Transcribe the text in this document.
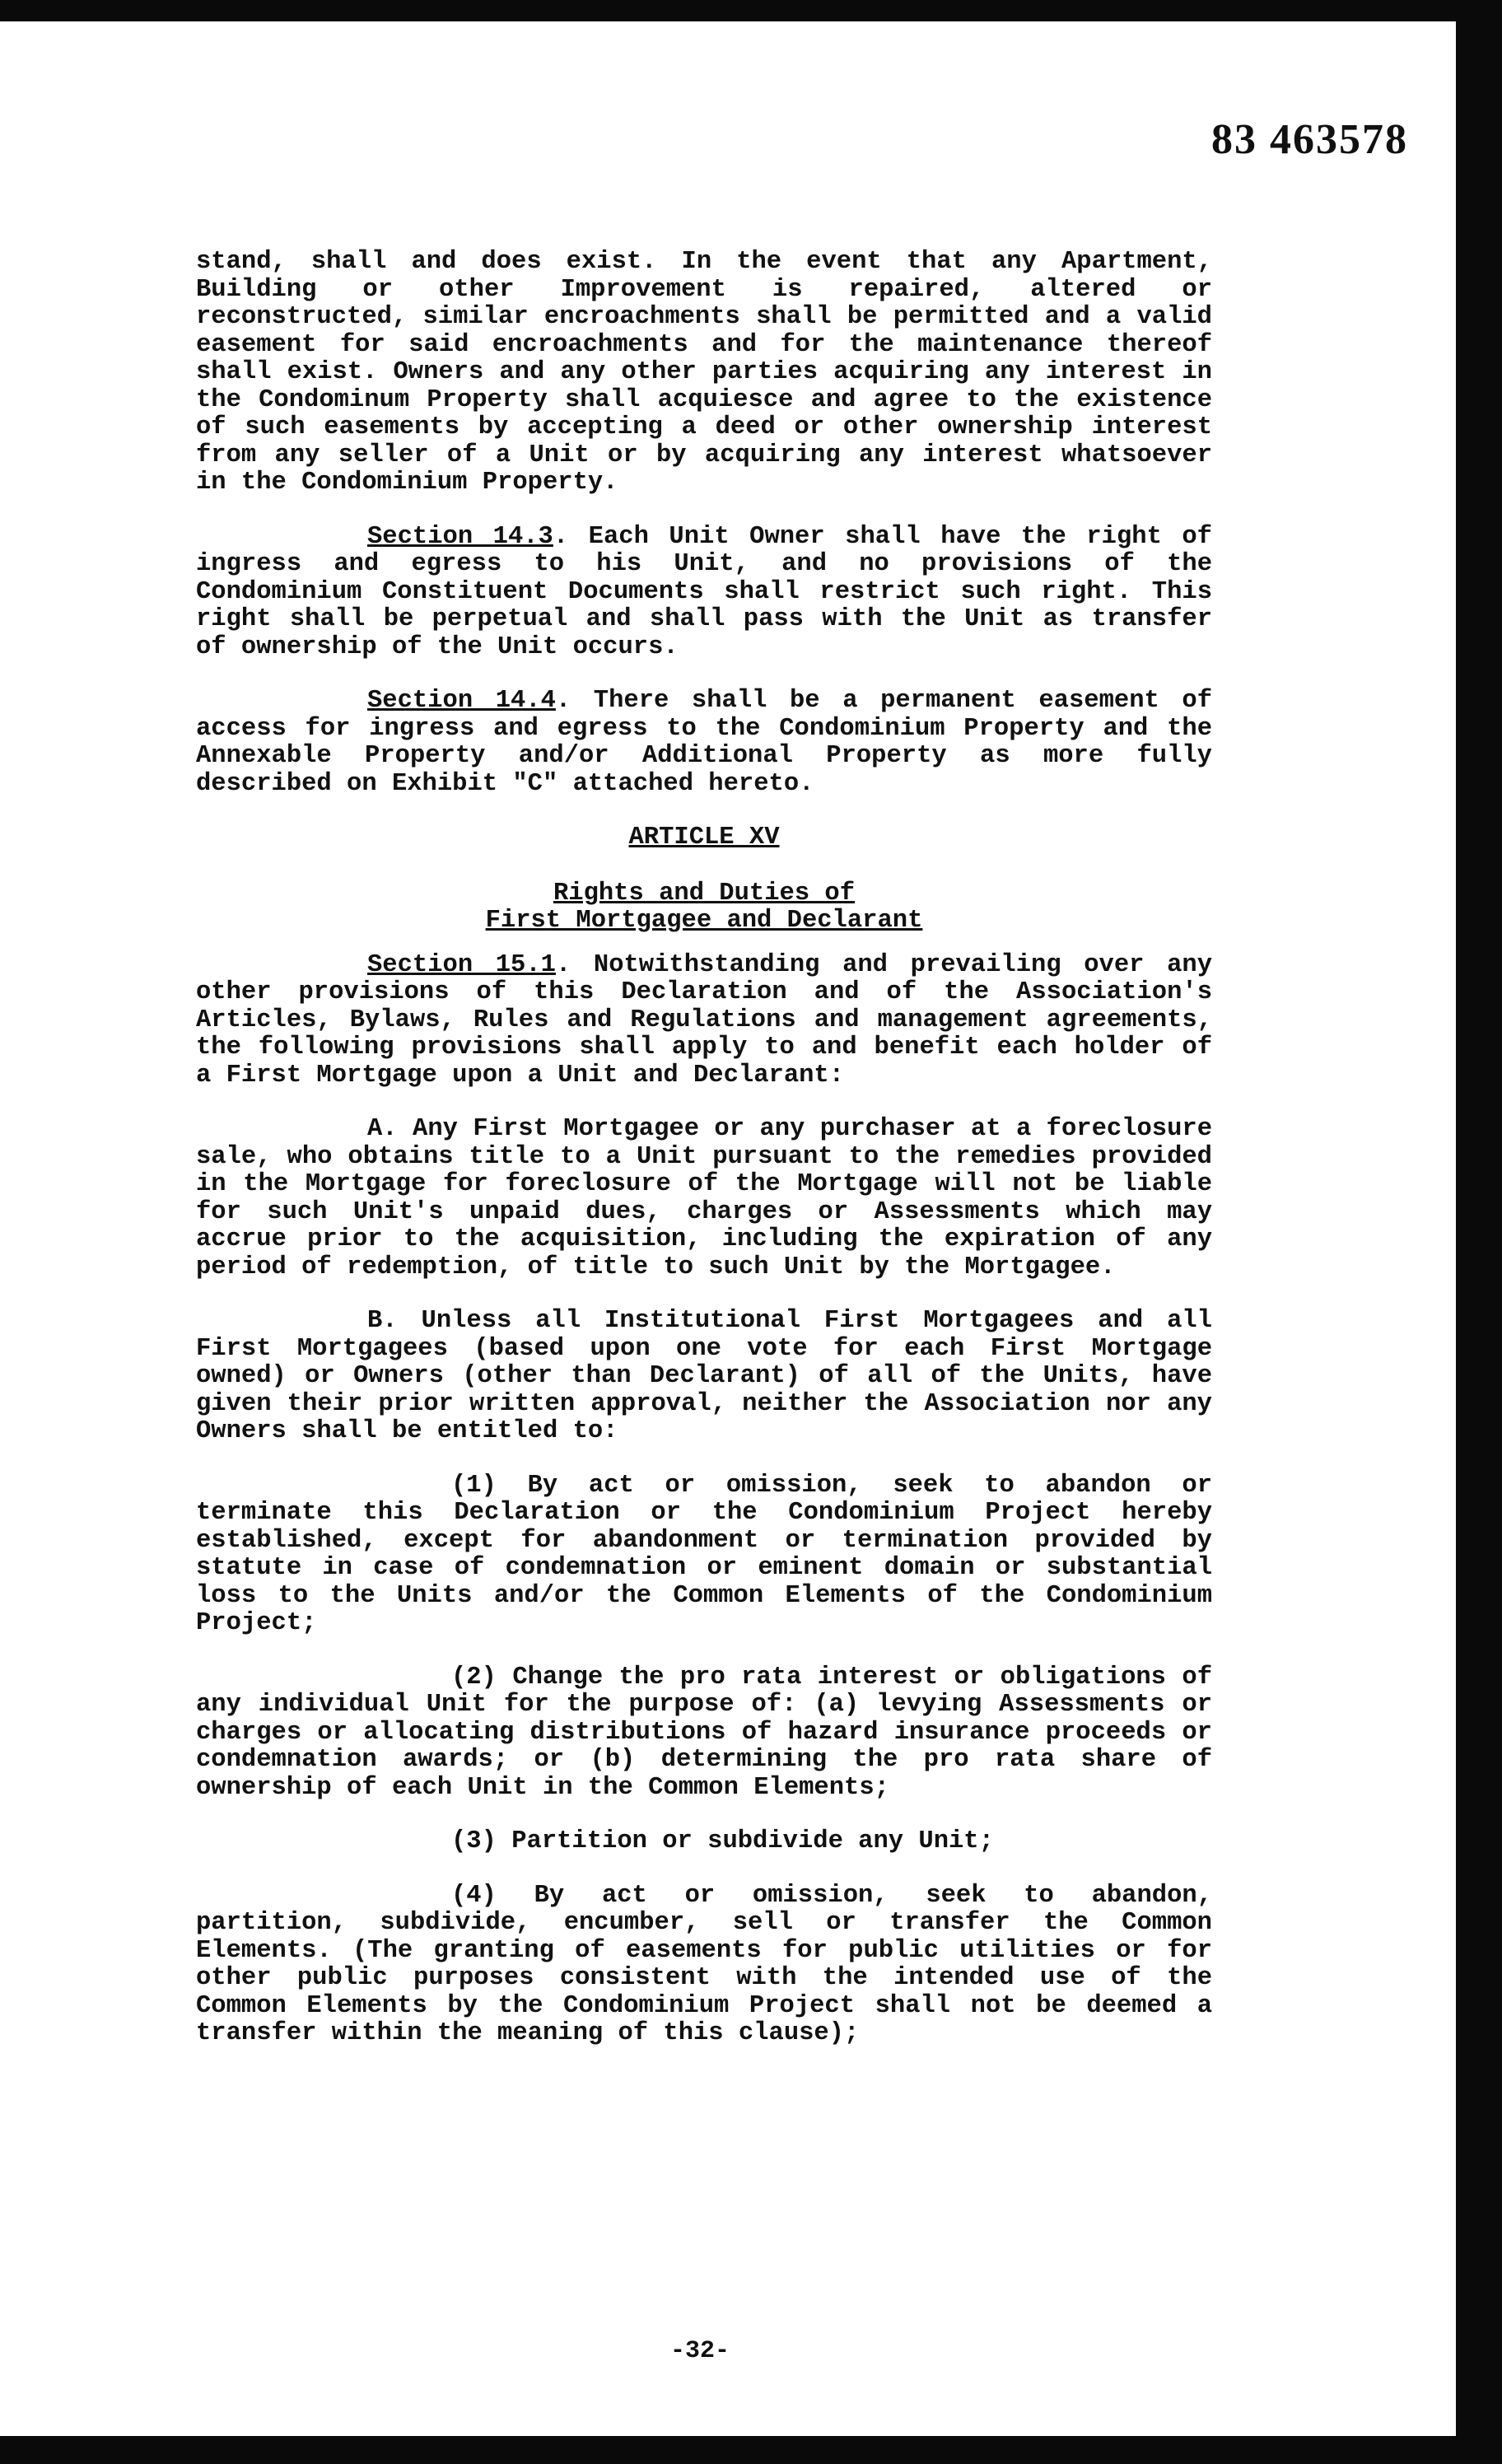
83 463578

stand, shall and does exist. In the event that any Apartment, Building or other Improvement is repaired, altered or reconstructed, similar encroachments shall be permitted and a valid easement for said encroachments and for the maintenance thereof shall exist. Owners and any other parties acquiring any interest in the Condominum Property shall acquiesce and agree to the existence of such easements by accepting a deed or other ownership interest from any seller of a Unit or by acquiring any interest whatsoever in the Condominium Property.

Section 14.3. Each Unit Owner shall have the right of ingress and egress to his Unit, and no provisions of the Condominium Constituent Documents shall restrict such right. This right shall be perpetual and shall pass with the Unit as transfer of ownership of the Unit occurs.

Section 14.4. There shall be a permanent easement of access for ingress and egress to the Condominium Property and the Annexable Property and/or Additional Property as more fully described on Exhibit "C" attached hereto.

ARTICLE XV

Rights and Duties of
First Mortgagee and Declarant

Section 15.1. Notwithstanding and prevailing over any other provisions of this Declaration and of the Association's Articles, Bylaws, Rules and Regulations and management agreements, the following provisions shall apply to and benefit each holder of a First Mortgage upon a Unit and Declarant:

A. Any First Mortgagee or any purchaser at a foreclosure sale, who obtains title to a Unit pursuant to the remedies provided in the Mortgage for foreclosure of the Mortgage will not be liable for such Unit's unpaid dues, charges or Assessments which may accrue prior to the acquisition, including the expiration of any period of redemption, of title to such Unit by the Mortgagee.

B. Unless all Institutional First Mortgagees and all First Mortgagees (based upon one vote for each First Mortgage owned) or Owners (other than Declarant) of all of the Units, have given their prior written approval, neither the Association nor any Owners shall be entitled to:

(1) By act or omission, seek to abandon or terminate this Declaration or the Condominium Project hereby established, except for abandonment or termination provided by statute in case of condemnation or eminent domain or substantial loss to the Units and/or the Common Elements of the Condominium Project;

(2) Change the pro rata interest or obligations of any individual Unit for the purpose of: (a) levying Assessments or charges or allocating distributions of hazard insurance proceeds or condemnation awards; or (b) determining the pro rata share of ownership of each Unit in the Common Elements;

(3) Partition or subdivide any Unit;

(4) By act or omission, seek to abandon, partition, subdivide, encumber, sell or transfer the Common Elements. (The granting of easements for public utilities or for other public purposes consistent with the intended use of the Common Elements by the Condominium Project shall not be deemed a transfer within the meaning of this clause);

-32-
